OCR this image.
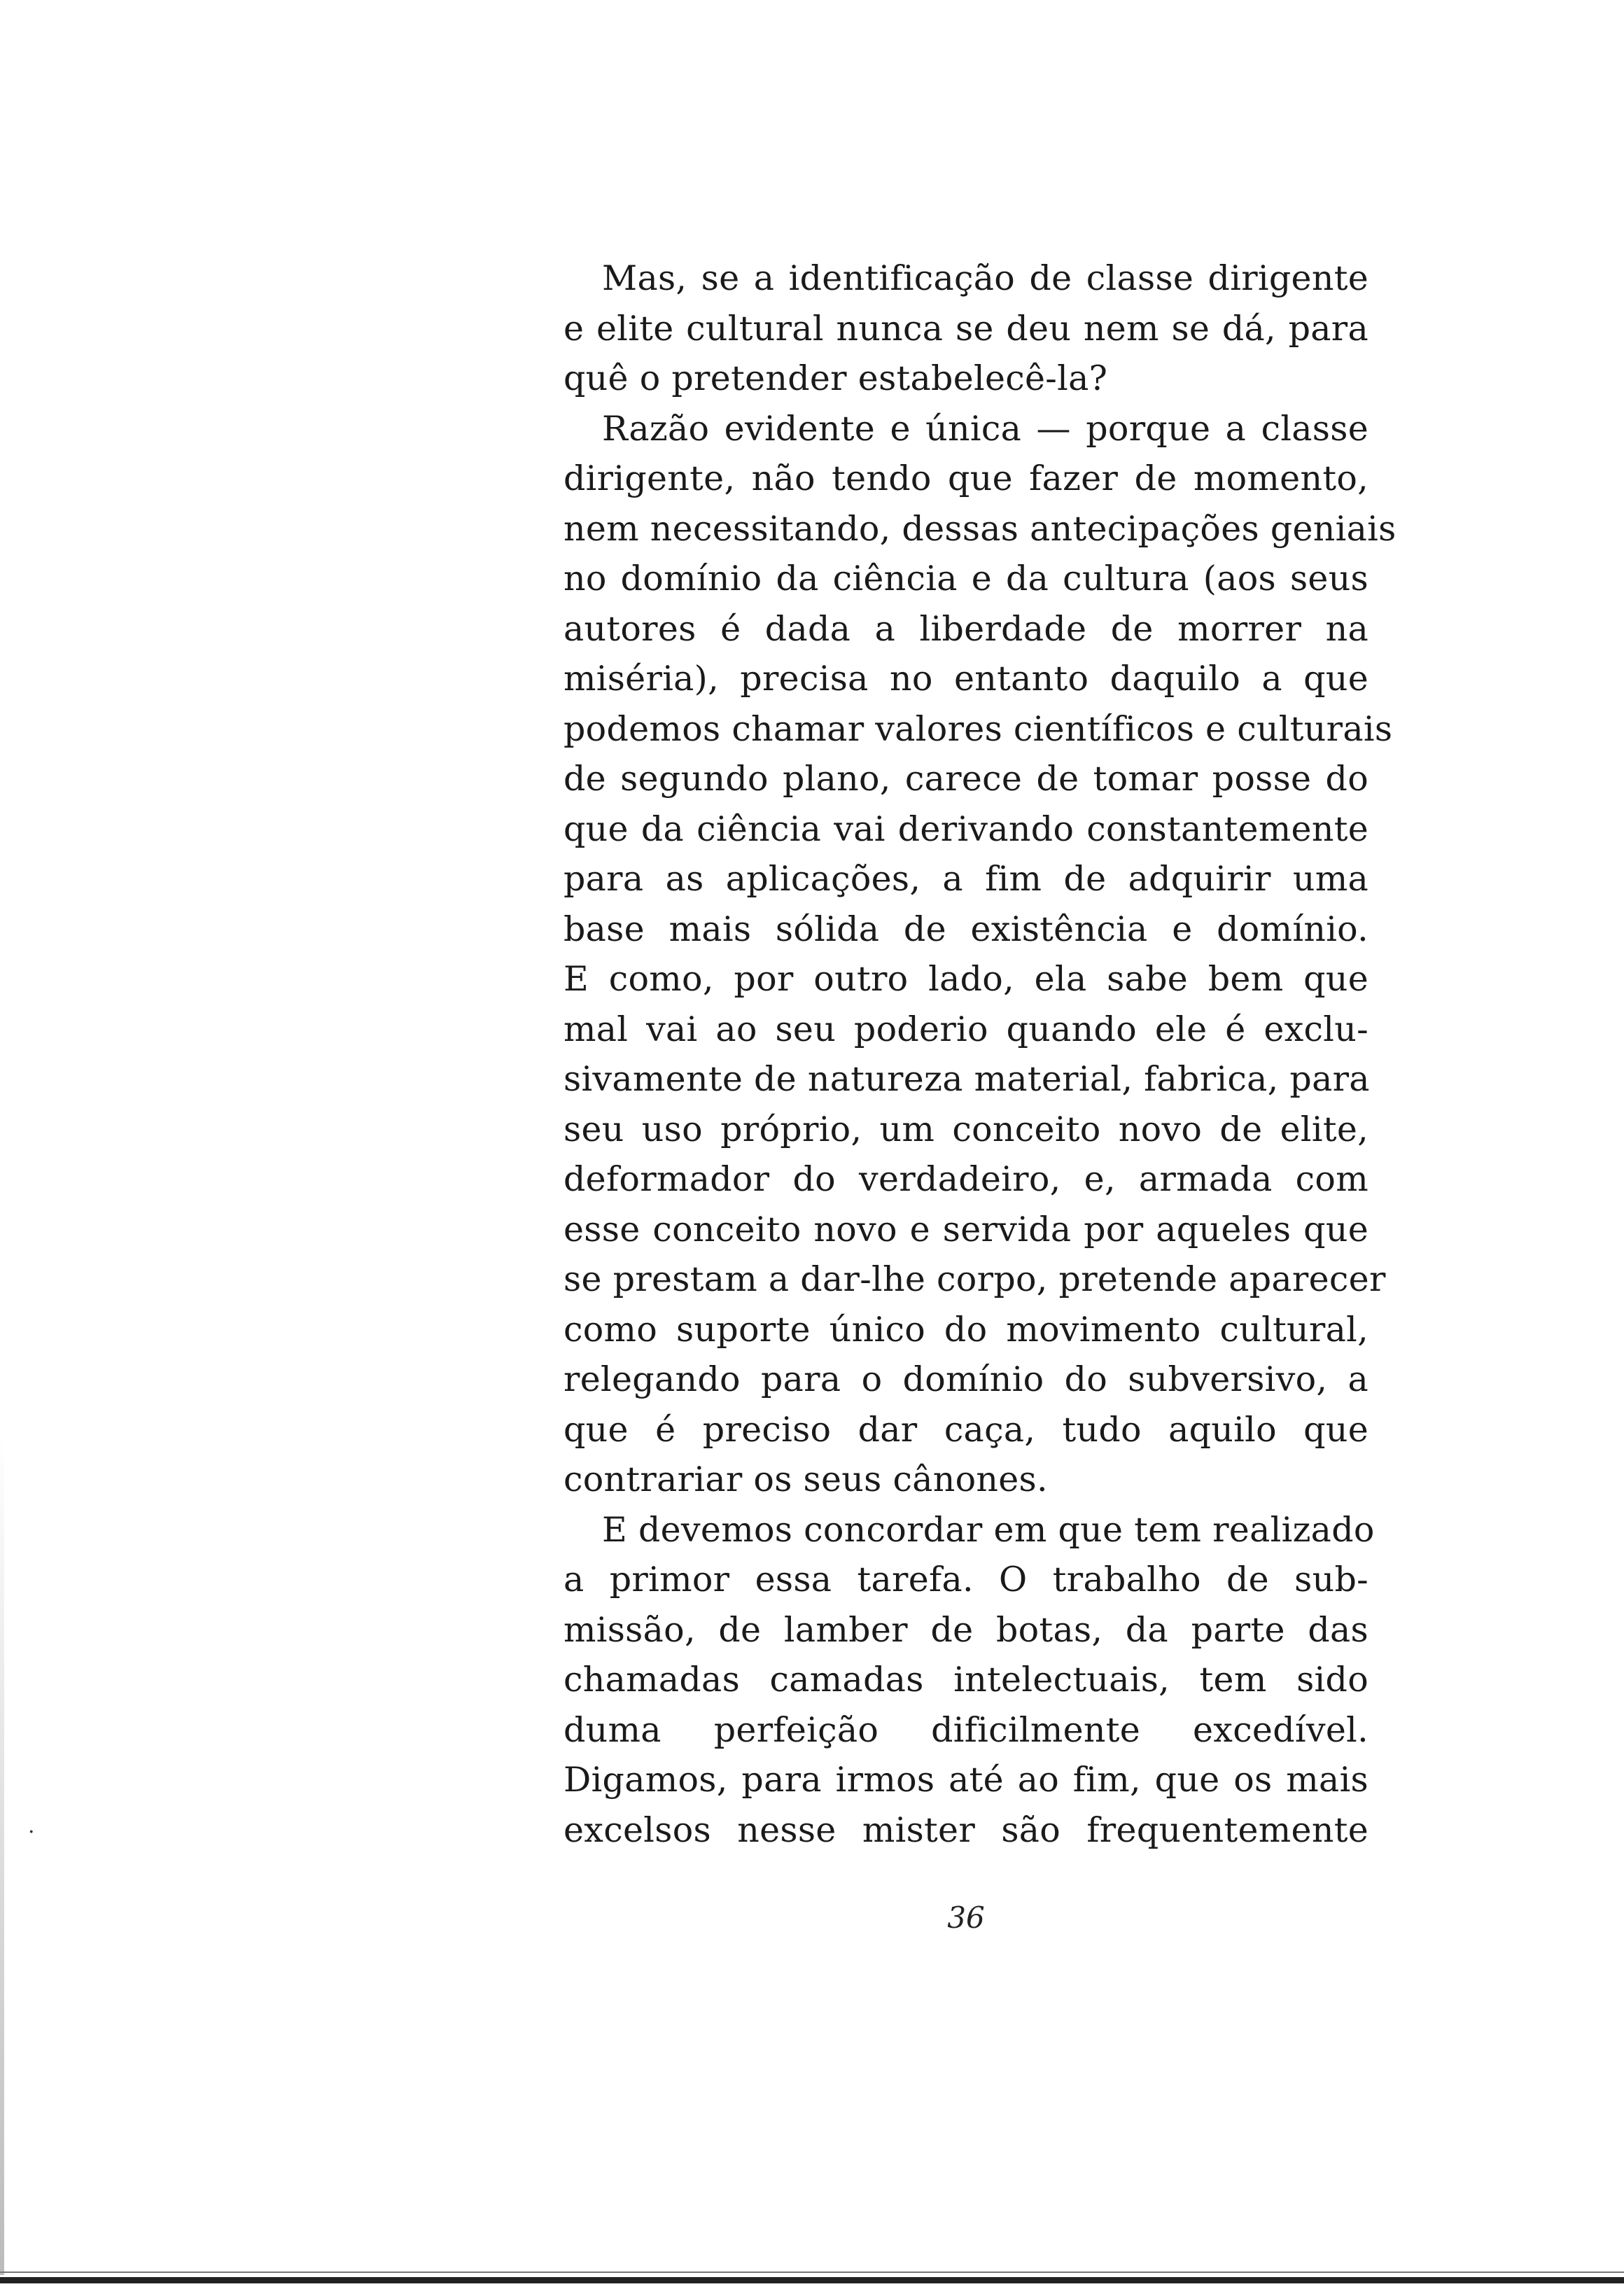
Mas, se a identificação de classe dirigente
e elite cultural nunca se deu nem se dá, para
quê o pretender estabelecê-la?
Razão evidente e única — porque a classe
dirigente, não tendo que fazer de momento,
nem necessitando, dessas antecipações geniais
no domínio da ciência e da cultura (aos seus
autores é dada a liberdade de morrer na
miséria), precisa no entanto daquilo a que
podemos chamar valores científicos e culturais
de segundo plano, carece de tomar posse do
que da ciência vai derivando constantemente
para as aplicações, a fim de adquirir uma
base mais sólida de existência e domínio.
E como, por outro lado, ela sabe bem que
mal vai ao seu poderio quando ele é exclu-
sivamente de natureza material, fabrica, para
seu uso próprio, um conceito novo de elite,
deformador do verdadeiro, e, armada com
esse conceito novo e servida por aqueles que
se prestam a dar-lhe corpo, pretende aparecer
como suporte único do movimento cultural,
relegando para o domínio do subversivo, a
que é preciso dar caça, tudo aquilo que
contrariar os seus cânones.
E devemos concordar em que tem realizado
a primor essa tarefa. O trabalho de sub-
missão, de lamber de botas, da parte das
chamadas camadas intelectuais, tem sido
duma perfeição dificilmente excedível.
Digamos, para irmos até ao fim, que os mais
excelsos nesse mister são frequentemente
36
·
